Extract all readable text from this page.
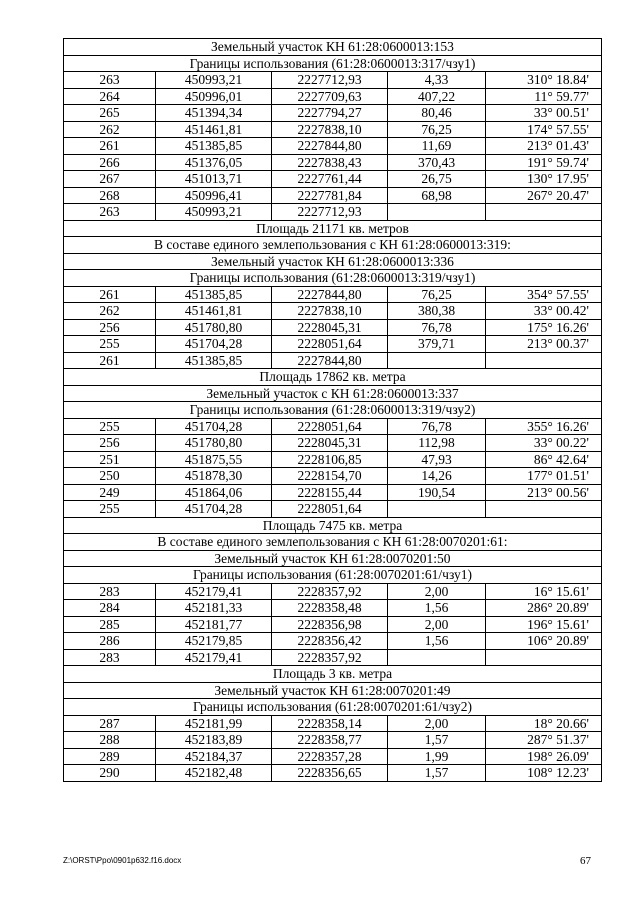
Земельный участок КН 61:28:0600013:153				
Границы использования (61:28:0600013:317/чзу1)				
263	450993,21	2227712,93	4,33	310° 18.84'
264	450996,01	2227709,63	407,22	11° 59.77'
265	451394,34	2227794,27	80,46	33° 00.51'
262	451461,81	2227838,10	76,25	174° 57.55'
261	451385,85	2227844,80	11,69	213° 01.43'
266	451376,05	2227838,43	370,43	191° 59.74'
267	451013,71	2227761,44	26,75	130° 17.95'
268	450996,41	2227781,84	68,98	267° 20.47'
263	450993,21	2227712,93		
Площадь 21171 кв. метров				
В составе единого землепользования с КН 61:28:0600013:319:				
Земельный участок КН 61:28:0600013:336				
Границы использования (61:28:0600013:319/чзу1)				
261	451385,85	2227844,80	76,25	354° 57.55'
262	451461,81	2227838,10	380,38	33° 00.42'
256	451780,80	2228045,31	76,78	175° 16.26'
255	451704,28	2228051,64	379,71	213° 00.37'
261	451385,85	2227844,80		
Площадь 17862 кв. метра				
Земельный участок с КН 61:28:0600013:337				
Границы использования (61:28:0600013:319/чзу2)				
255	451704,28	2228051,64	76,78	355° 16.26'
256	451780,80	2228045,31	112,98	33° 00.22'
251	451875,55	2228106,85	47,93	86° 42.64'
250	451878,30	2228154,70	14,26	177° 01.51'
249	451864,06	2228155,44	190,54	213° 00.56'
255	451704,28	2228051,64		
Площадь 7475 кв. метра				
В составе единого землепользования с КН 61:28:0070201:61:				
Земельный участок КН 61:28:0070201:50				
Границы использования (61:28:0070201:61/чзу1)				
283	452179,41	2228357,92	2,00	16° 15.61'
284	452181,33	2228358,48	1,56	286° 20.89'
285	452181,77	2228356,98	2,00	196° 15.61'
286	452179,85	2228356,42	1,56	106° 20.89'
283	452179,41	2228357,92		
Площадь 3 кв. метра				
Земельный участок КН 61:28:0070201:49				
Границы использования (61:28:0070201:61/чзу2)				
287	452181,99	2228358,14	2,00	18° 20.66'
288	452183,89	2228358,77	1,57	287° 51.37'
289	452184,37	2228357,28	1,99	198° 26.09'
290	452182,48	2228356,65	1,57	108° 12.23'
Z:\ORST\Ppo\0901p632.f16.docx	67
